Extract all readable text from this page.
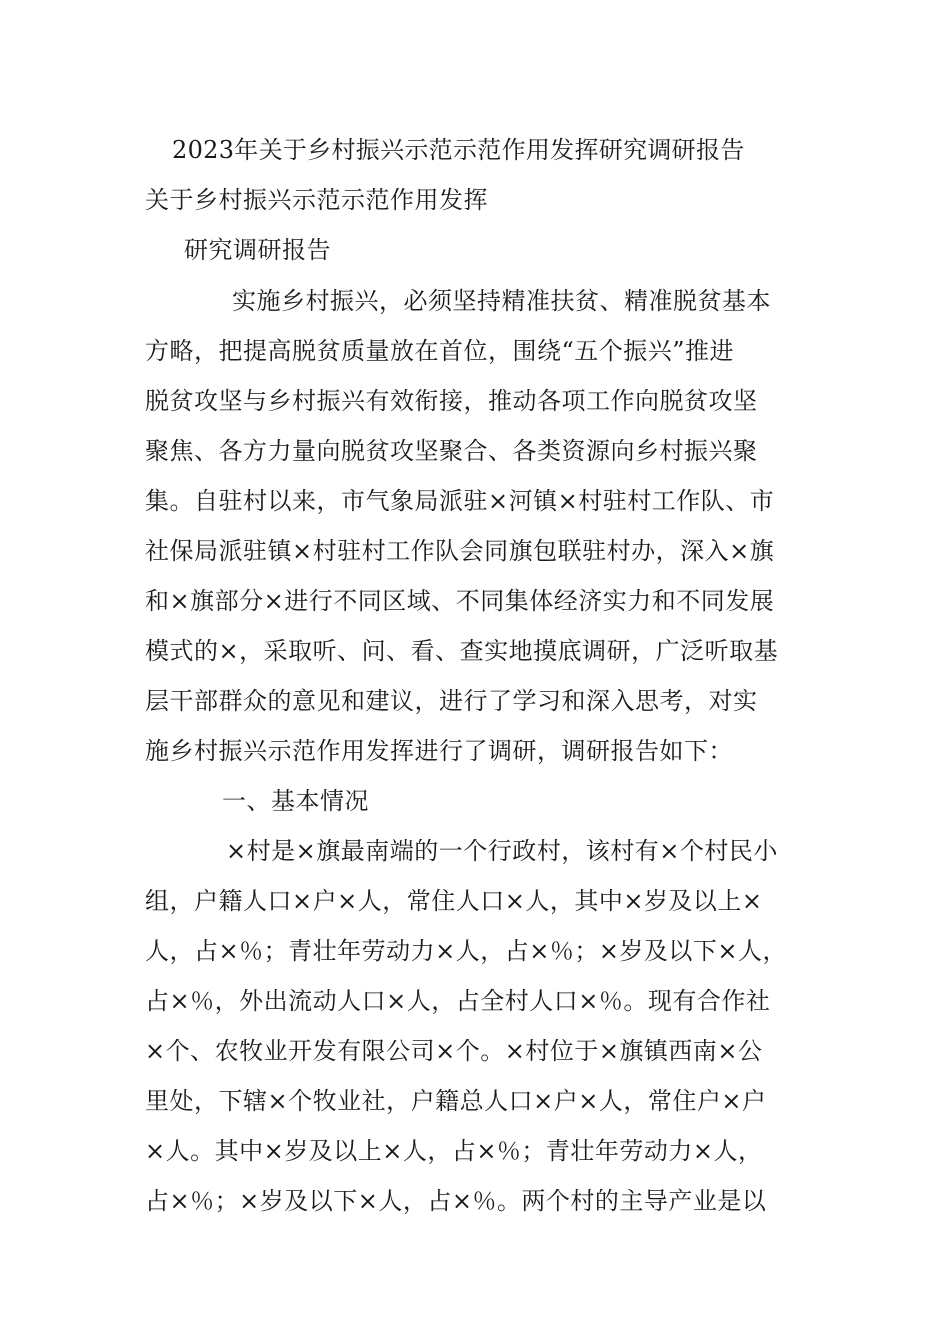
2023年关于乡村振兴示范示范作用发挥研究调研报告
关于乡村振兴示范示范作用发挥
研究调研报告
实施乡村振兴，必须坚持精准扶贫、精准脱贫基本
方略，把提高脱贫质量放在首位，围绕“五个振兴”推进
脱贫攻坚与乡村振兴有效衔接，推动各项工作向脱贫攻坚
聚焦、各方力量向脱贫攻坚聚合、各类资源向乡村振兴聚
集。自驻村以来，市气象局派驻×河镇×村驻村工作队、市
社保局派驻镇×村驻村工作队会同旗包联驻村办，深入×旗
和×旗部分×进行不同区域、不同集体经济实力和不同发展
模式的×，采取听、问、看、查实地摸底调研，广泛听取基
层干部群众的意见和建议，进行了学习和深入思考，对实
施乡村振兴示范作用发挥进行了调研，调研报告如下：
一、基本情况
×村是×旗最南端的一个行政村，该村有×个村民小
组，户籍人口×户×人，常住人口×人，其中×岁及以上×
人，占×％；青壮年劳动力×人，占×％；×岁及以下×人，
占×％，外出流动人口×人，占全村人口×％。现有合作社
×个、农牧业开发有限公司×个。×村位于×旗镇西南×公
里处，下辖×个牧业社，户籍总人口×户×人，常住户×户
×人。其中×岁及以上×人，占×％；青壮年劳动力×人，
占×％；×岁及以下×人，占×％。两个村的主导产业是以
